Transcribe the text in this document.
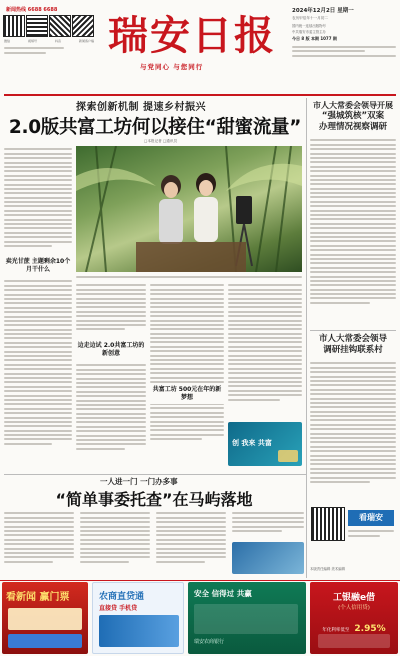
新闻热线 6688 6688
微信	视频号	抖音	新闻客户端 瑞安日报
与党同心 与您同行
2024年12月2日 星期一
农历甲辰年十一月初二
国内统一连续出版物号
中共瑞安市委主管主办
今日 8 版 本期 1077 期
探索创新机制 提速乡村振兴
2.0版共富工坊何以接住“甜蜜流量”
□本报记者 □通讯员
卖光甘蔗 主题剩余10个月干什么
边走边试 2.0共富工坊的新创意
共富工坊 500元在年的新梦想
创 我来 共富
市人大常委会领导开展
“强城筑核”双案
办理情况视察调研
市人大常委会领导
调研挂钩联系村
看瑞安
本版责任编辑 美术编辑
一人进一门 一门办多事
“简单事委托查”在马屿落地
看新闻 赢门票	农商直贷通
直接贷 手机贷
安全 信得过 共赢
瑞安农商银行
工银融e借
(个人信用贷)
年化利率低至 2.95%
